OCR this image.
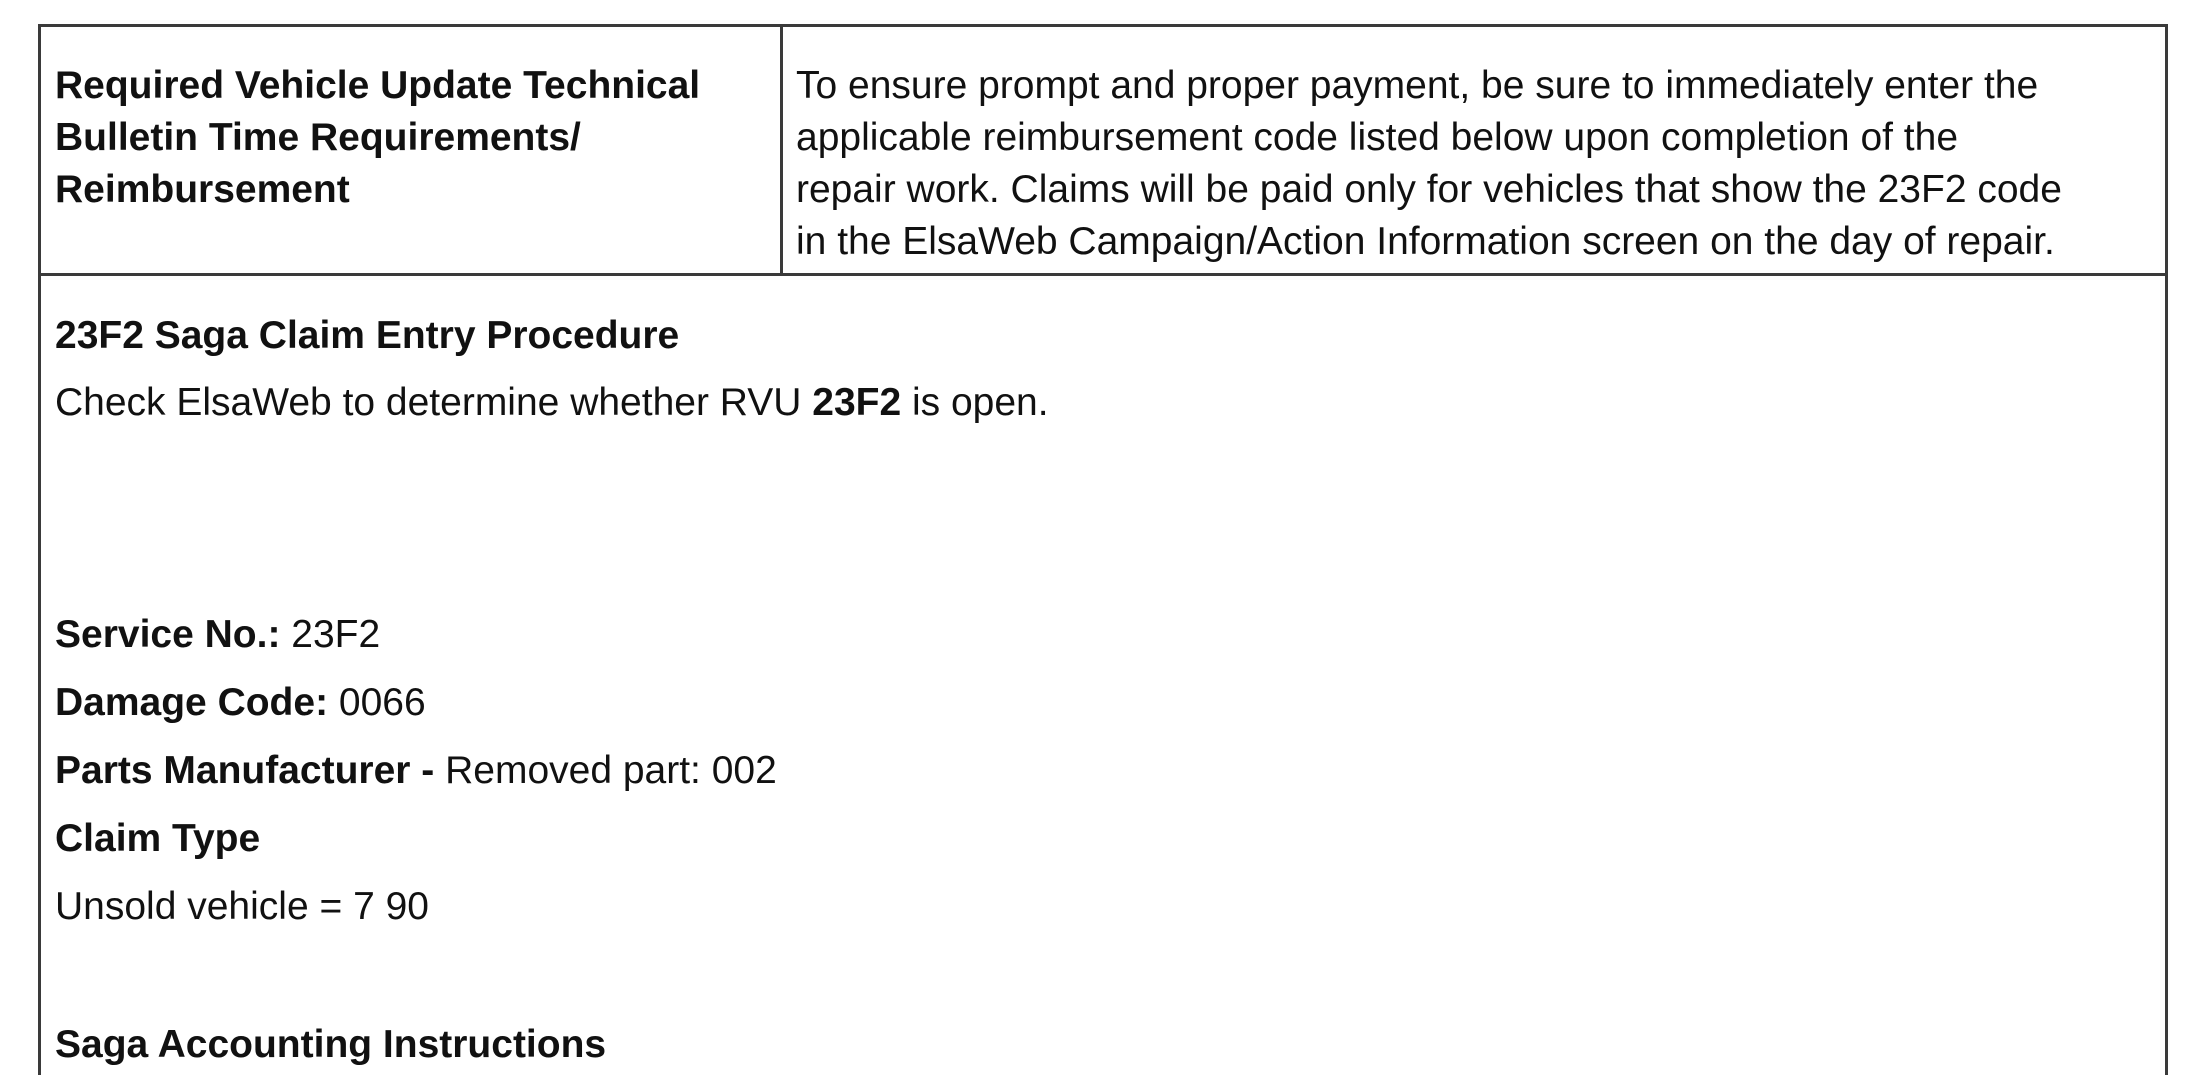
Required Vehicle Update Technical
Bulletin Time Requirements/
Reimbursement
To ensure prompt and proper payment, be sure to immediately enter the
applicable reimbursement code listed below upon completion of the
repair work. Claims will be paid only for vehicles that show the 23F2 code
in the ElsaWeb Campaign/Action Information screen on the day of repair.
23F2 Saga Claim Entry Procedure
Check ElsaWeb to determine whether RVU 23F2 is open.
Service No.: 23F2
Damage Code: 0066
Parts Manufacturer - Removed part: 002
Claim Type
Unsold vehicle = 7 90
Saga Accounting Instructions
